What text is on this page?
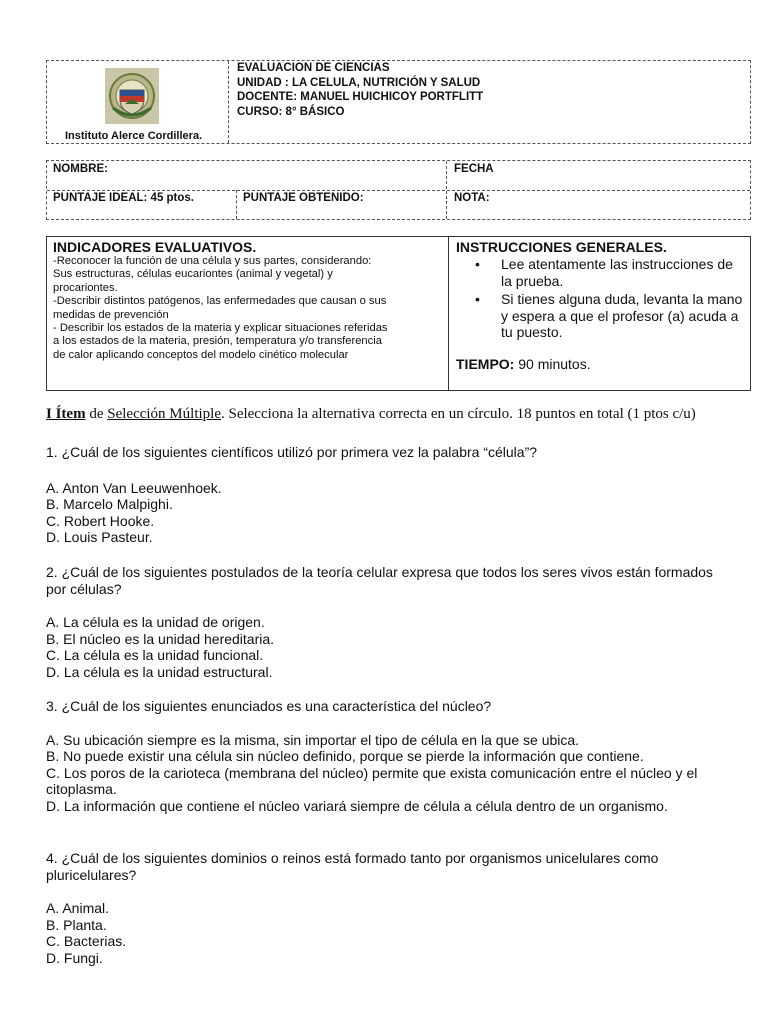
Instituto Alerce Cordillera.
EVALUACION DE CIENCIAS
UNIDAD : LA CELULA, NUTRICIÓN Y SALUD
DOCENTE: MANUEL HUICHICOY PORTFLITT
CURSO: 8° BÁSICO
NOMBRE:	FECHA
PUNTAJE IDEAL: 45 ptos.	PUNTAJE OBTENIDO:	NOTA:
INDICADORES EVALUATIVOS.
-Reconocer la función de una célula y sus partes, considerando:
Sus estructuras, células eucariontes (animal y vegetal) y
procariontes.
-Describir distintos patógenos, las enfermedades que causan o sus
medidas de prevención
- Describir los estados de la materia y explicar situaciones referidas
a los estados de la materia, presión, temperatura y/o transferencia
de calor aplicando conceptos del modelo cinético molecular
INSTRUCCIONES GENERALES.
• Lee atentamente las instrucciones de la prueba.
• Si tienes alguna duda, levanta la mano y espera a que el profesor (a) acuda a tu puesto.
TIEMPO: 90 minutos.
I Ítem de Selección Múltiple. Selecciona la alternativa correcta en un círculo. 18 puntos en total (1 ptos c/u)

1. ¿Cuál de los siguientes científicos utilizó por primera vez la palabra “célula”?

A. Anton Van Leeuwenhoek.

B. Marcelo Malpighi.

C. Robert Hooke.

D. Louis Pasteur.

2. ¿Cuál de los siguientes postulados de la teoría celular expresa que todos los seres vivos están formados por células?

A. La célula es la unidad de origen.

B. El núcleo es la unidad hereditaria.

C. La célula es la unidad funcional.

D. La célula es la unidad estructural.

3. ¿Cuál de los siguientes enunciados es una característica del núcleo?

A. Su ubicación siempre es la misma, sin importar el tipo de célula en la que se ubica.

B. No puede existir una célula sin núcleo definido, porque se pierde la información que contiene.

C. Los poros de la carioteca (membrana del núcleo) permite que exista comunicación entre el núcleo y el citoplasma.

D. La información que contiene el núcleo variará siempre de célula a célula dentro de un organismo.

4. ¿Cuál de los siguientes dominios o reinos está formado tanto por organismos unicelulares como pluricelulares?

A. Animal.

B. Planta.

C. Bacterias.

D. Fungi.
